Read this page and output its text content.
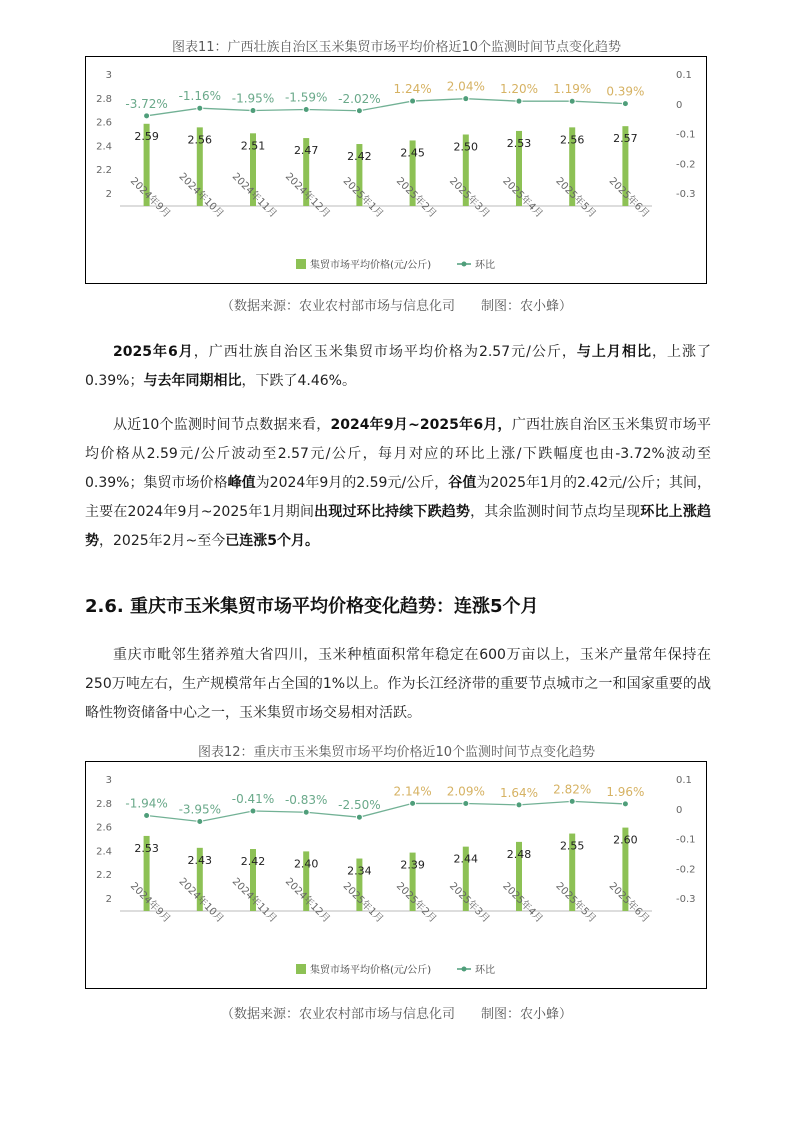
图表11：广西壮族自治区玉米集贸市场平均价格近10个监测时间节点变化趋势
2
2.2
2.4
2.6
2.8
3
-0.3
-0.2
-0.1
0
0.1
2.59	2.56	2.51	2.47	2.42	2.45	2.50	2.53	2.56	2.57
-3.72%
-1.16% -1.95% -1.59% -2.02%
1.24% 2.04% 1.20% 1.19% 0.39%
2024年9月 2024年10月 2024年11月 2024年12月 2025年1月 2025年2月 2025年3月 2025年4月 2025年5月 2025年6月
集贸市场平均价格(元/公斤)	环比
（数据来源：农业农村部市场与信息化司　　制图：农小蜂）

2025年6月，广西壮族自治区玉米集贸市场平均价格为2.57元/公斤，与上月相比，上涨了0.39%；与去年同期相比，下跌了4.46%。

从近10个监测时间节点数据来看，2024年9月~2025年6月，广西壮族自治区玉米集贸市场平均价格从2.59元/公斤波动至2.57元/公斤，每月对应的环比上涨/下跌幅度也由-3.72%波动至0.39%；集贸市场价格峰值为2024年9月的2.59元/公斤，谷值为2025年1月的2.42元/公斤；其间，主要在2024年9月~2025年1月期间出现过环比持续下跌趋势，其余监测时间节点均呈现环比上涨趋势，2025年2月~至今已连涨5个月。

2.6. 重庆市玉米集贸市场平均价格变化趋势：连涨5个月

重庆市毗邻生猪养殖大省四川，玉米种植面积常年稳定在600万亩以上，玉米产量常年保持在250万吨左右，生产规模常年占全国的1%以上。作为长江经济带的重要节点城市之一和国家重要的战略性物资储备中心之一，玉米集贸市场交易相对活跃。

图表12：重庆市玉米集贸市场平均价格近10个监测时间节点变化趋势
2
2.2
2.4
2.6
2.8
3
-0.3
-0.2
-0.1
0
0.1
2.53
2.43	2.42	2.40
2.34	2.39	2.44	2.48
2.55	2.60
-1.94% -3.95%
-0.41% -0.83% -2.50%
2.14% 2.09% 1.64% 2.82% 1.96%
2024年9月 2024年10月 2024年11月 2024年12月 2025年1月 2025年2月 2025年3月 2025年4月 2025年5月 2025年6月
集贸市场平均价格(元/公斤)	环比
（数据来源：农业农村部市场与信息化司　　制图：农小蜂）
